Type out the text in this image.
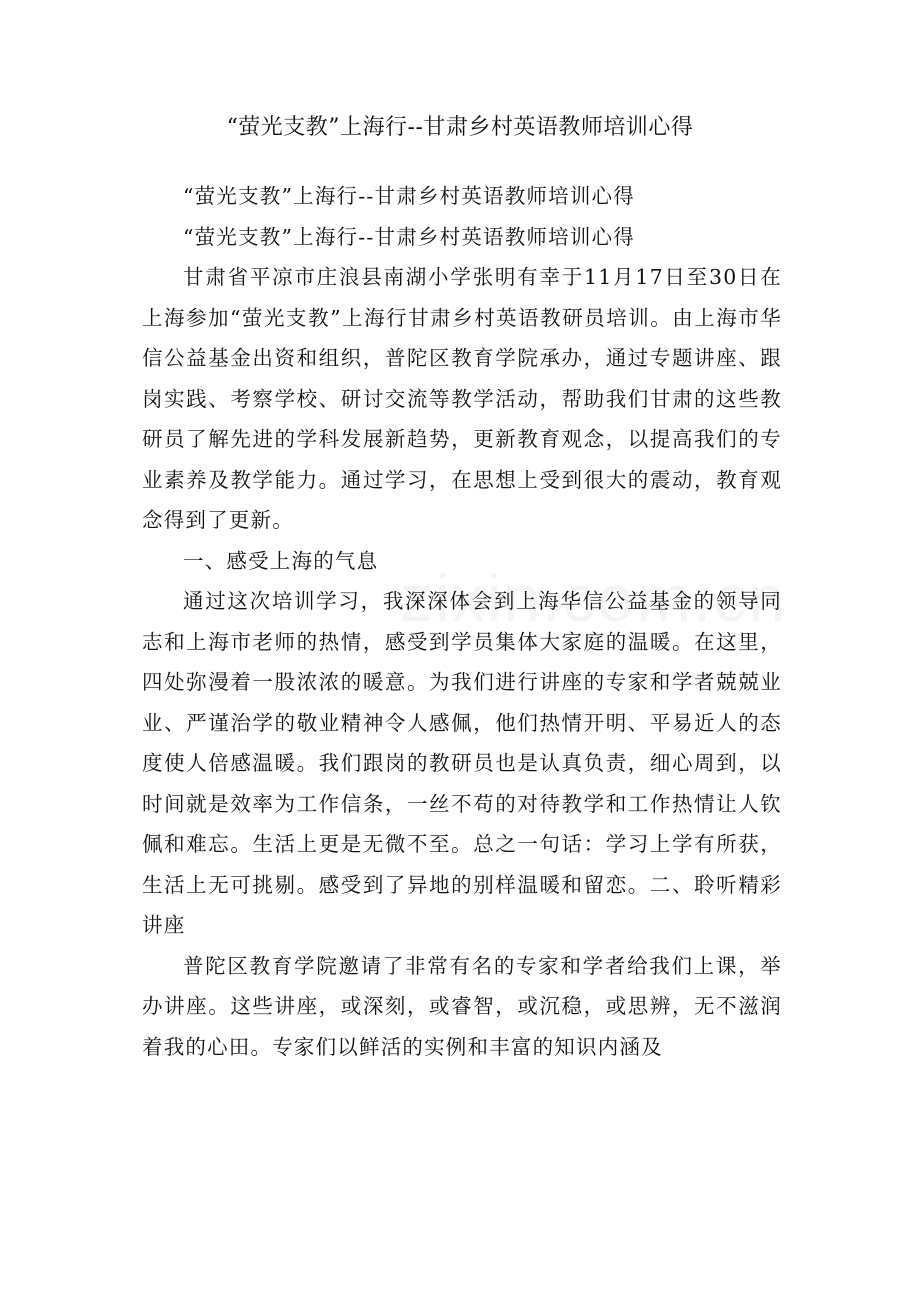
“萤光支教”上海行--甘肃乡村英语教师培训心得

“萤光支教”上海行--甘肃乡村英语教师培训心得

“萤光支教”上海行--甘肃乡村英语教师培训心得

甘肃省平凉市庄浪县南湖小学张明有幸于11月17日至30日在上海参加“萤光支教”上海行甘肃乡村英语教研员培训。由上海市华信公益基金出资和组织，普陀区教育学院承办，通过专题讲座、跟岗实践、考察学校、研讨交流等教学活动，帮助我们甘肃的这些教研员了解先进的学科发展新趋势，更新教育观念，以提高我们的专业素养及教学能力。通过学习，在思想上受到很大的震动，教育观念得到了更新。

一、感受上海的气息

通过这次培训学习，我深深体会到上海华信公益基金的领导同志和上海市老师的热情，感受到学员集体大家庭的温暖。在这里，四处弥漫着一股浓浓的暖意。为我们进行讲座的专家和学者兢兢业业、严谨治学的敬业精神令人感佩，他们热情开明、平易近人的态度使人倍感温暖。我们跟岗的教研员也是认真负责，细心周到，以时间就是效率为工作信条，一丝不苟的对待教学和工作热情让人钦佩和难忘。生活上更是无微不至。总之一句话：学习上学有所获，生活上无可挑剔。感受到了异地的别样温暖和留恋。二、聆听精彩讲座

普陀区教育学院邀请了非常有名的专家和学者给我们上课，举办讲座。这些讲座，或深刻，或睿智，或沉稳，或思辨，无不滋润着我的心田。专家们以鲜活的实例和丰富的知识内涵及
